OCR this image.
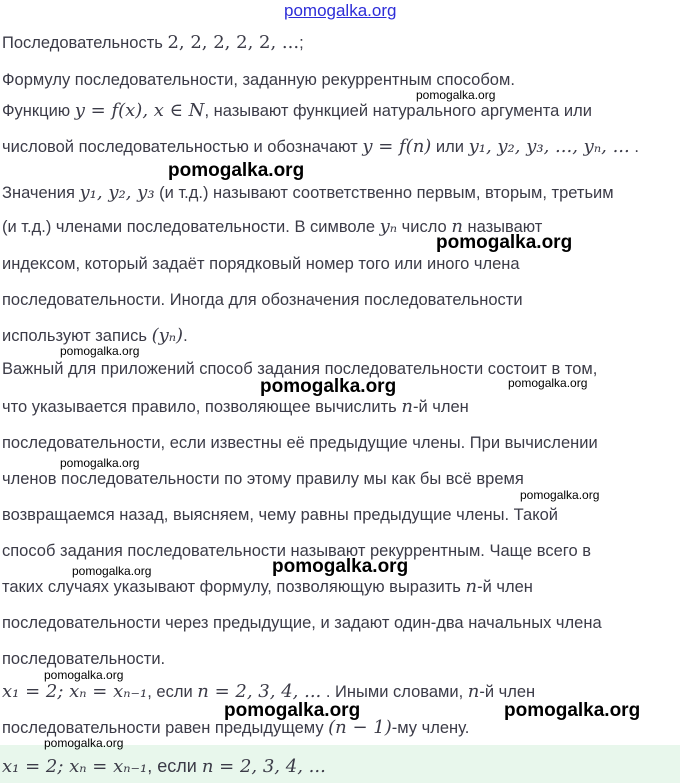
pomogalka.org
Последовательность 2, 2, 2, 2, 2, ...;
Формулу последовательности, заданную рекуррентным способом.
Функцию y = f(x), x ∈ N, называют функцией натурального аргумента или
числовой последовательностью и обозначают y = f(n) или y₁, y₂, y₃, ..., yₙ, ... .
Значения y₁, y₂, y₃ (и т.д.) называют соответственно первым, вторым, третьим
(и т.д.) членами последовательности. В символе yₙ число n называют
индексом, который задаёт порядковый номер того или иного члена
последовательности. Иногда для обозначения последовательности
используют запись (yₙ).
Важный для приложений способ задания последовательности состоит в том,
что указывается правило, позволяющее вычислить n-й член
последовательности, если известны её предыдущие члены. При вычислении
членов последовательности по этому правилу мы как бы всё время
возвращаемся назад, выясняем, чему равны предыдущие члены. Такой
способ задания последовательности называют рекуррентным. Чаще всего в
таких случаях указывают формулу, позволяющую выразить n-й член
последовательности через предыдущие, и задают один-два начальных члена
последовательности.
x₁ = 2; xₙ = xₙ₋₁, если n = 2, 3, 4, ... . Иными словами, n-й член
последовательности равен предыдущему (n − 1)-му члену.
x₁ = 2; xₙ = xₙ₋₁, если n = 2, 3, 4, ...
pomogalka.org
pomogalka.org
pomogalka.org
pomogalka.org
pomogalka.org	pomogalka.org
pomogalka.org
pomogalka.org
pomogalka.org
pomogalka.org
pomogalka.org
pomogalka.org	pomogalka.org
pomogalka.org
